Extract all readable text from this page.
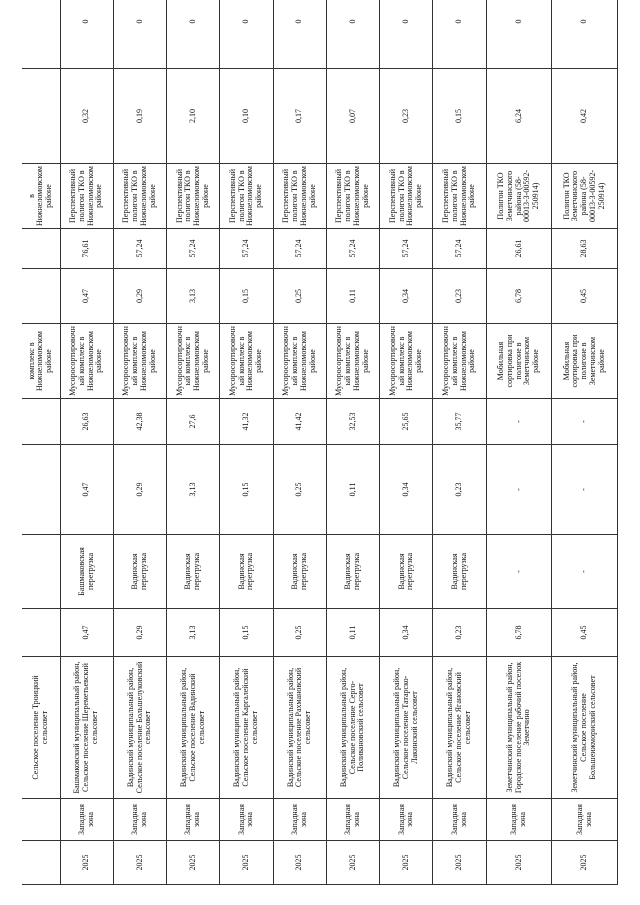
		Сельское поселение Троицкий сельсовет					комплекс в Нижнеломовском районе			в Нижнеломовском районе		
2025	Западная зона	Башмаковский муниципальный район, Сельское поселение Шереметьевский сельсовет	0,47	Башмаковская перегрузка	0,47	26,63	Мусоросортировочный комплекс в Нижнеломовском районе	0,47	76,61	Перспективный полигон ТКО в Нижнеломовском районе	0,32	0
2025	Западная зона	Вадинский муниципальный район, Сельское поселение Большелуковский сельсовет	0,29	Вадинская перегрузка	0,29	42,38	Мусоросортировочный комплекс в Нижнеломовском районе	0,29	57,24	Перспективный полигон ТКО в Нижнеломовском районе	0,19	0
2025	Западная зона	Вадинский муниципальный район, Сельское поселение Вадинский сельсовет	3,13	Вадинская перегрузка	3,13	27,6	Мусоросортировочный комплекс в Нижнеломовском районе	3,13	57,24	Перспективный полигон ТКО в Нижнеломовском районе	2,10	0
2025	Западная зона	Вадинский муниципальный район, Сельское поселение Каргалейский сельсовет	0,15	Вадинская перегрузка	0,15	41,32	Мусоросортировочный комплекс в Нижнеломовском районе	0,15	57,24	Перспективный полигон ТКО в Нижнеломовском районе	0,10	0
2025	Западная зона	Вадинский муниципальный район, Сельское поселение Рахмановский сельсовет	0,25	Вадинская перегрузка	0,25	41,42	Мусоросортировочный комплекс в Нижнеломовском районе	0,25	57,24	Перспективный полигон ТКО в Нижнеломовском районе	0,17	0
2025	Западная зона	Вадинский муниципальный район, Сельское поселение Серго-Поливановский сельсовет	0,11	Вадинская перегрузка	0,11	32,53	Мусоросортировочный комплекс в Нижнеломовском районе	0,11	57,24	Перспективный полигон ТКО в Нижнеломовском районе	0,07	0
2025	Западная зона	Вадинский муниципальный район, Сельское поселение Татарско-Лакинский сельсовет	0,34	Вадинская перегрузка	0,34	25,65	Мусоросортировочный комплекс в Нижнеломовском районе	0,34	57,24	Перспективный полигон ТКО в Нижнеломовском районе	0,23	0
2025	Западная зона	Вадинский муниципальный район, Сельское поселение Ягановский сельсовет	0,23	Вадинская перегрузка	0,23	35,77	Мусоросортировочный комплекс в Нижнеломовском районе	0,23	57,24	Перспективный полигон ТКО в Нижнеломовском районе	0,15	0
2025	Западная зона	Земетчинский муниципальный район, Городское поселение рабочий поселок Земетчино	6,78	-	-	-	Мобильная сортировка при полигоне в Земетчинском районе	6,78	26,61	Полигон ТКО Земетчинского района (58-00013-З-00592-250914)	6,24	0
2025	Западная зона	Земетчинский муниципальный район, Сельское поселение Большеижмориский сельсовет	0,45	-	-	-	Мобильная сортировка при полигоне в Земетчинском районе	0,45	28,63	Полигон ТКО Земетчинского района (58-00013-З-00592-250914)	0,42	0
